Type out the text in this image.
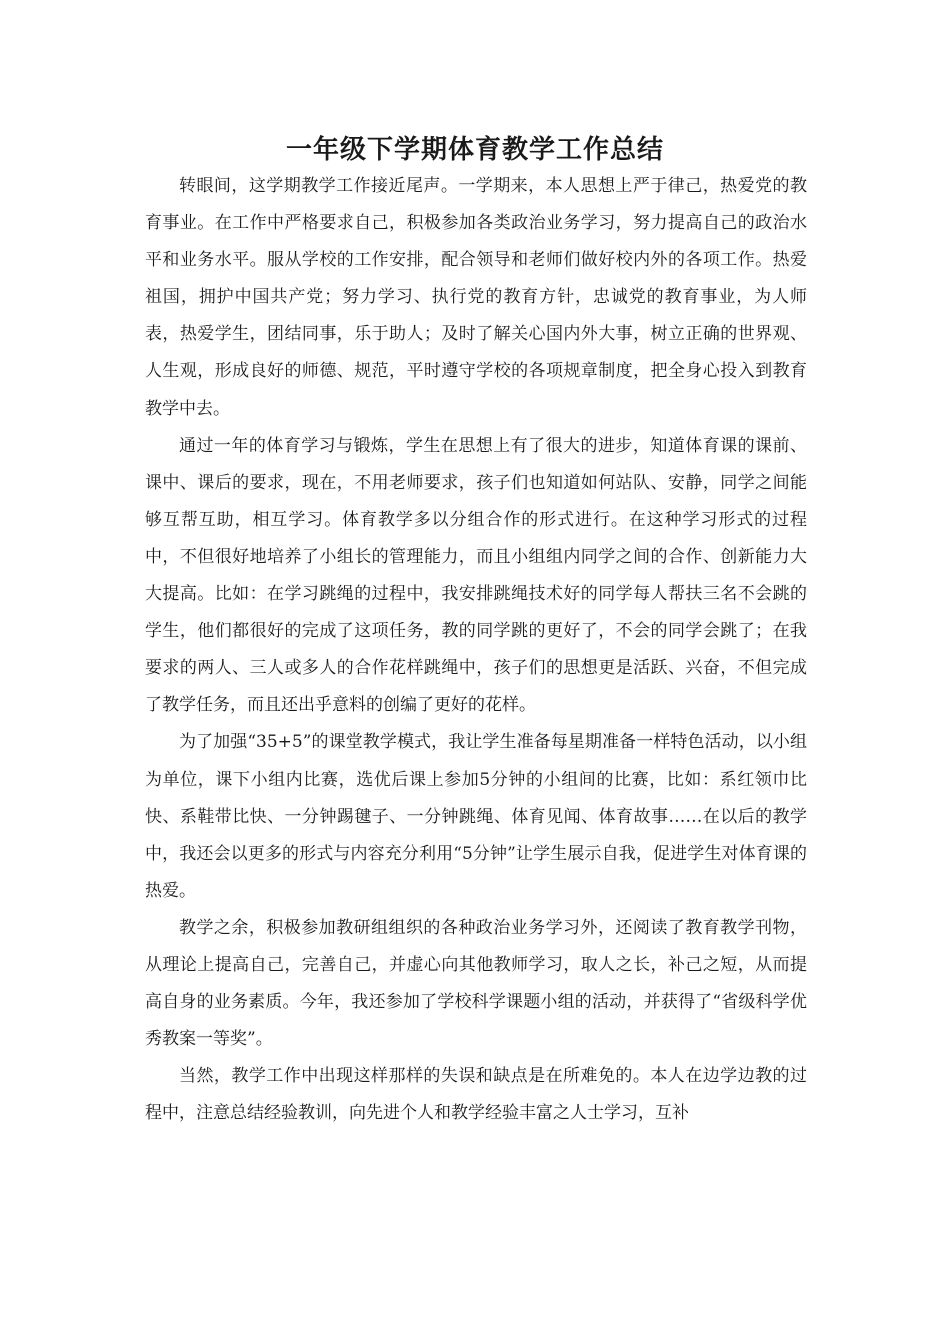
一年级下学期体育教学工作总结

转眼间，这学期教学工作接近尾声。一学期来，本人思想上严于律己，热爱党的教育事业。在工作中严格要求自己，积极参加各类政治业务学习，努力提高自己的政治水平和业务水平。服从学校的工作安排，配合领导和老师们做好校内外的各项工作。热爱祖国，拥护中国共产党；努力学习、执行党的教育方针，忠诚党的教育事业，为人师表，热爱学生，团结同事，乐于助人；及时了解关心国内外大事，树立正确的世界观、人生观，形成良好的师德、规范，平时遵守学校的各项规章制度，把全身心投入到教育教学中去。

通过一年的体育学习与锻炼，学生在思想上有了很大的进步，知道体育课的课前、课中、课后的要求，现在，不用老师要求，孩子们也知道如何站队、安静，同学之间能够互帮互助，相互学习。体育教学多以分组合作的形式进行。在这种学习形式的过程中，不但很好地培养了小组长的管理能力，而且小组组内同学之间的合作、创新能力大大提高。比如：在学习跳绳的过程中，我安排跳绳技术好的同学每人帮扶三名不会跳的学生，他们都很好的完成了这项任务，教的同学跳的更好了，不会的同学会跳了；在我要求的两人、三人或多人的合作花样跳绳中，孩子们的思想更是活跃、兴奋，不但完成了教学任务，而且还出乎意料的创编了更好的花样。

为了加强“35+5”的课堂教学模式，我让学生准备每星期准备一样特色活动，以小组为单位，课下小组内比赛，选优后课上参加5分钟的小组间的比赛，比如：系红领巾比快、系鞋带比快、一分钟踢毽子、一分钟跳绳、体育见闻、体育故事……在以后的教学中，我还会以更多的形式与内容充分利用“5分钟”让学生展示自我，促进学生对体育课的热爱。

教学之余，积极参加教研组组织的各种政治业务学习外，还阅读了教育教学刊物，从理论上提高自己，完善自己，并虚心向其他教师学习，取人之长，补己之短，从而提高自身的业务素质。今年，我还参加了学校科学课题小组的活动，并获得了“省级科学优秀教案一等奖”。

当然，教学工作中出现这样那样的失误和缺点是在所难免的。本人在边学边教的过程中，注意总结经验教训，向先进个人和教学经验丰富之人士学习，互补
